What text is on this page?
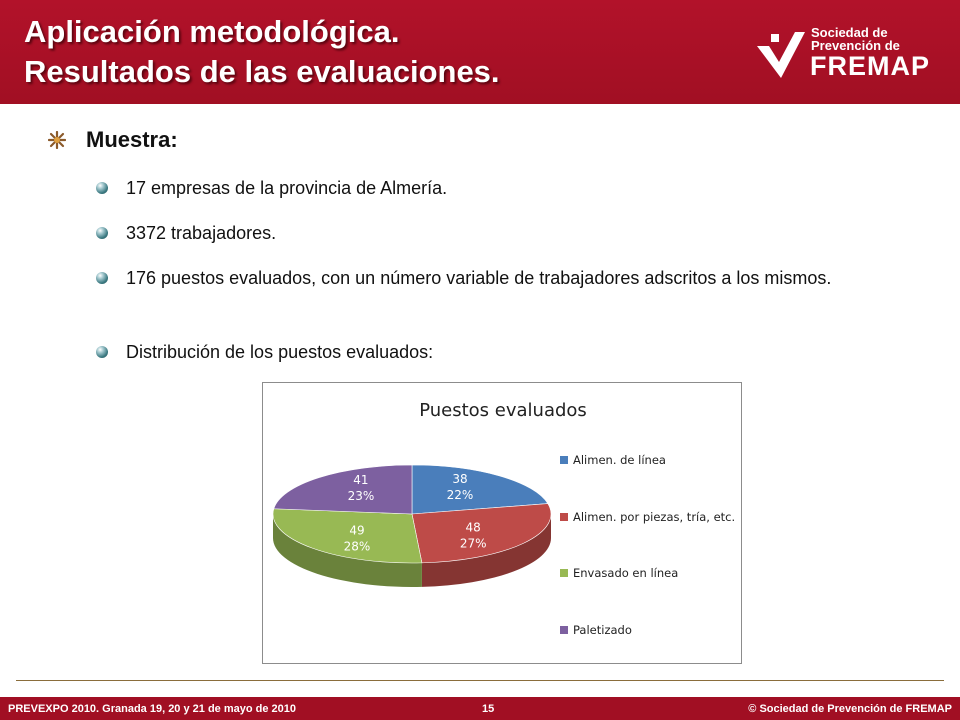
Aplicación metodológica.
Resultados de las evaluaciones.
Sociedad de
Prevención de
FREMAP
Muestra:
17 empresas de la provincia de Almería.
3372 trabajadores.
176 puestos evaluados, con un número variable de trabajadores adscritos a los mismos.
Distribución de los puestos evaluados:
Puestos evaluados
38
22%
48
27%
49
28%
41
23%
Alimen. de línea
Alimen. por piezas, tría, etc.
Envasado en línea
Paletizado
PREVEXPO 2010. Granada 19, 20 y 21 de mayo de 2010	15	© Sociedad de Prevención de FREMAP
